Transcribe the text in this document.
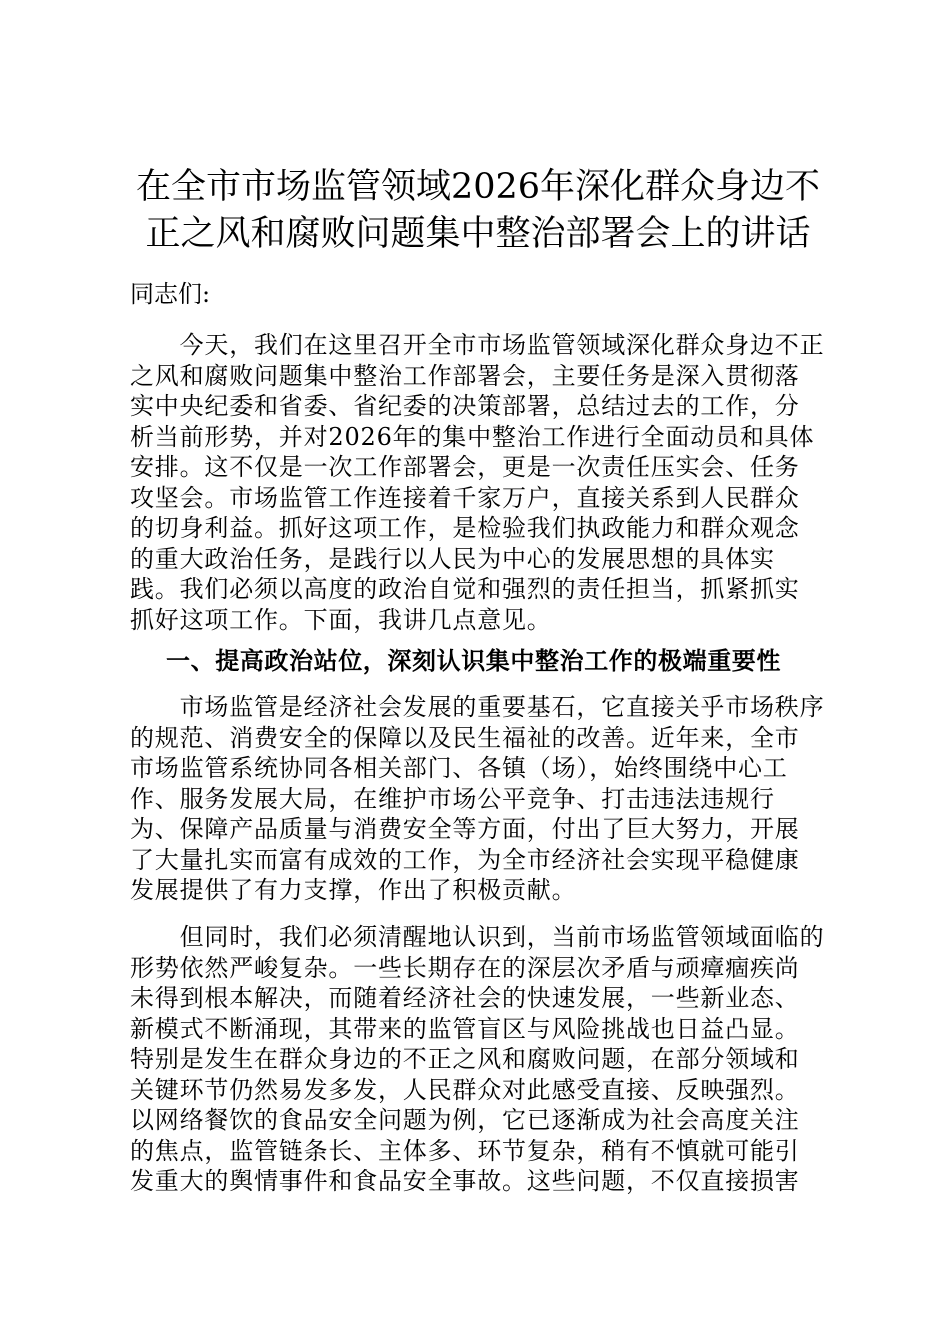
在全市市场监管领域2026年深化群众身边不
正之风和腐败问题集中整治部署会上的讲话

同志们:

　　今天，我们在这里召开全市市场监管领域深化群众身边不正
之风和腐败问题集中整治工作部署会，主要任务是深入贯彻落
实中央纪委和省委、省纪委的决策部署，总结过去的工作，分
析当前形势，并对2026年的集中整治工作进行全面动员和具体
安排。这不仅是一次工作部署会，更是一次责任压实会、任务
攻坚会。市场监管工作连接着千家万户，直接关系到人民群众
的切身利益。抓好这项工作，是检验我们执政能力和群众观念
的重大政治任务，是践行以人民为中心的发展思想的具体实
践。我们必须以高度的政治自觉和强烈的责任担当，抓紧抓实
抓好这项工作。下面，我讲几点意见。
一、提高政治站位，深刻认识集中整治工作的极端重要性
　　市场监管是经济社会发展的重要基石，它直接关乎市场秩序
的规范、消费安全的保障以及民生福祉的改善。近年来，全市
市场监管系统协同各相关部门、各镇（场），始终围绕中心工
作、服务发展大局，在维护市场公平竞争、打击违法违规行
为、保障产品质量与消费安全等方面，付出了巨大努力，开展
了大量扎实而富有成效的工作，为全市经济社会实现平稳健康
发展提供了有力支撑，作出了积极贡献。
　　但同时，我们必须清醒地认识到，当前市场监管领域面临的
形势依然严峻复杂。一些长期存在的深层次矛盾与顽瘴痼疾尚
未得到根本解决，而随着经济社会的快速发展，一些新业态、
新模式不断涌现，其带来的监管盲区与风险挑战也日益凸显。
特别是发生在群众身边的不正之风和腐败问题，在部分领域和
关键环节仍然易发多发，人民群众对此感受直接、反映强烈。
以网络餐饮的食品安全问题为例，它已逐渐成为社会高度关注
的焦点，监管链条长、主体多、环节复杂，稍有不慎就可能引
发重大的舆情事件和食品安全事故。这些问题，不仅直接损害
